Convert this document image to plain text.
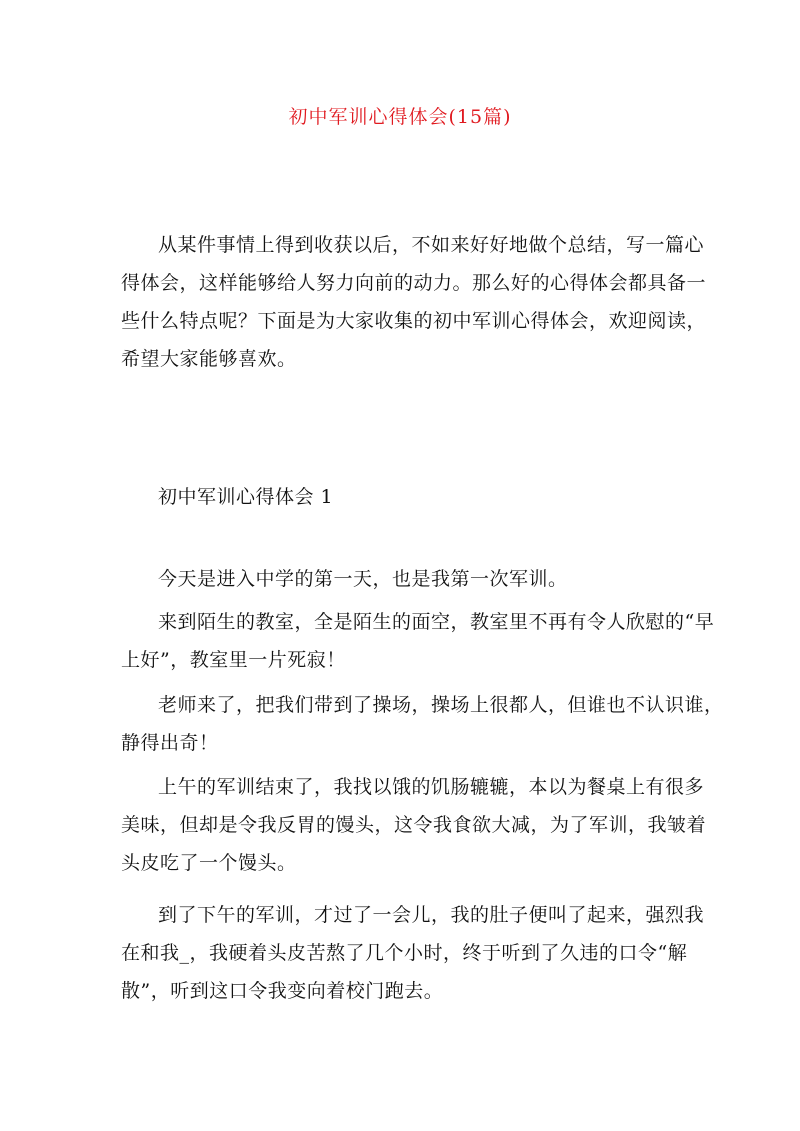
初中军训心得体会(15篇)
从某件事情上得到收获以后，不如来好好地做个总结，写一篇心
得体会，这样能够给人努力向前的动力。那么好的心得体会都具备一
些什么特点呢？下面是为大家收集的初中军训心得体会，欢迎阅读，
希望大家能够喜欢。
初中军训心得体会 1
今天是进入中学的第一天，也是我第一次军训。
来到陌生的教室，全是陌生的面空，教室里不再有令人欣慰的“早
上好”，教室里一片死寂！
老师来了，把我们带到了操场，操场上很都人，但谁也不认识谁，
静得出奇！
上午的军训结束了，我找以饿的饥肠辘辘，本以为餐桌上有很多
美味，但却是令我反胃的馒头，这令我食欲大减，为了军训，我皱着
头皮吃了一个馒头。
到了下午的军训，才过了一会儿，我的肚子便叫了起来，强烈我
在和我_，我硬着头皮苦熬了几个小时，终于听到了久违的口令“解
散”，听到这口令我变向着校门跑去。
